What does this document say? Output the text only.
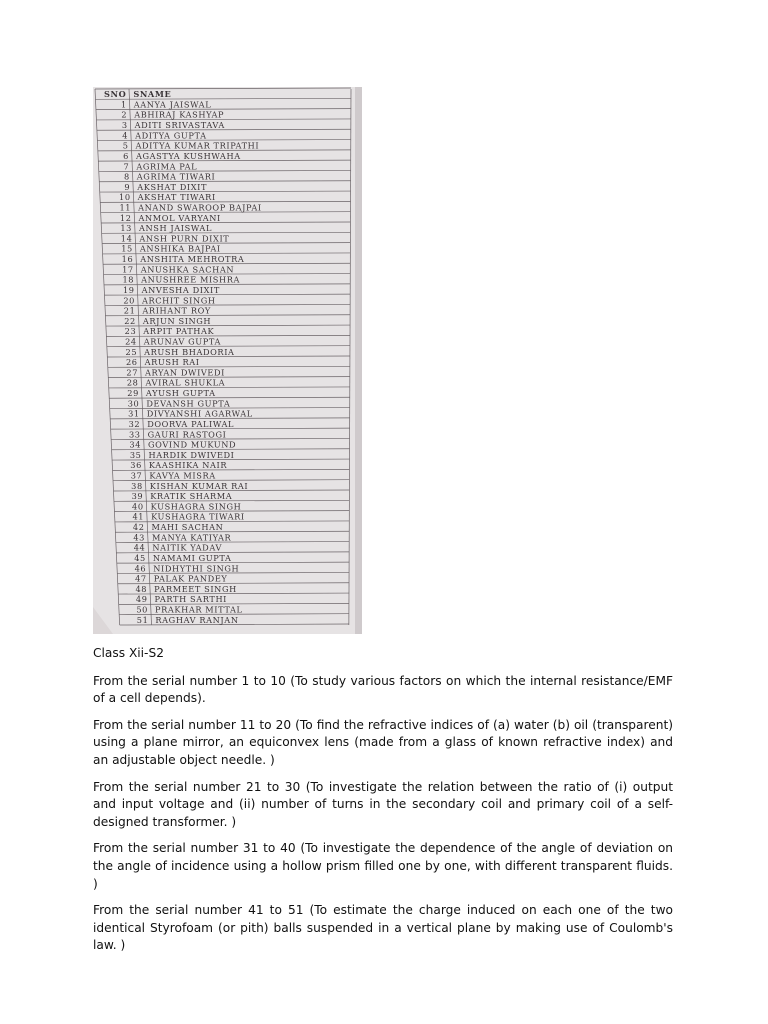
SNO SNAME
1 AANYA JAISWAL
2 ABHIRAJ KASHYAP
3 ADITI SRIVASTAVA
4 ADITYA GUPTA
5 ADITYA KUMAR TRIPATHI
6 AGASTYA KUSHWAHA
7 AGRIMA PAL
8 AGRIMA TIWARI
9 AKSHAT DIXIT
10 AKSHAT TIWARI
11 ANAND SWAROOP BAJPAI
12 ANMOL VARYANI
13 ANSH JAISWAL
14 ANSH PURN DIXIT
15 ANSHIKA BAJPAI
16 ANSHITA MEHROTRA
17 ANUSHKA SACHAN
18 ANUSHREE MISHRA
19 ANVESHA DIXIT
20 ARCHIT SINGH
21 ARIHANT ROY
22 ARJUN SINGH
23 ARPIT PATHAK
24 ARUNAV GUPTA
25 ARUSH BHADORIA
26 ARUSH RAI
27 ARYAN DWIVEDI
28 AVIRAL SHUKLA
29 AYUSH GUPTA
30 DEVANSH GUPTA
31 DIVYANSHI AGARWAL
32 DOORVA PALIWAL
33 GAURI RASTOGI
34 GOVIND MUKUND
35 HARDIK DWIVEDI
36 KAASHIKA NAIR
37 KAVYA MISRA
38 KISHAN KUMAR RAI
39 KRATIK SHARMA
40 KUSHAGRA SINGH
41 KUSHAGRA TIWARI
42 MAHI SACHAN
43 MANYA KATIYAR
44 NAITIK YADAV
45 NAMAMI GUPTA
46 NIDHYTHI SINGH
47 PALAK PANDEY
48 PARMEET SINGH
49 PARTH SARTHI
50 PRAKHAR MITTAL
51 RAGHAV RANJAN

Class Xii-S2

From the serial number 1 to 10 (To study various factors on which the internal resistance/EMF of a cell depends).

From the serial number 11 to 20 (To find the refractive indices of (a) water (b) oil (transparent) using a plane mirror, an equiconvex lens (made from a glass of known refractive index) and an adjustable object needle. )

From the serial number 21 to 30 (To investigate the relation between the ratio of (i) output and input voltage and (ii) number of turns in the secondary coil and primary coil of a self-designed transformer. )

From the serial number 31 to 40 (To investigate the dependence of the angle of deviation on the angle of incidence using a hollow prism filled one by one, with different transparent fluids. )

From the serial number 41 to 51 (To estimate the charge induced on each one of the two identical Styrofoam (or pith) balls suspended in a vertical plane by making use of Coulomb's law. )
